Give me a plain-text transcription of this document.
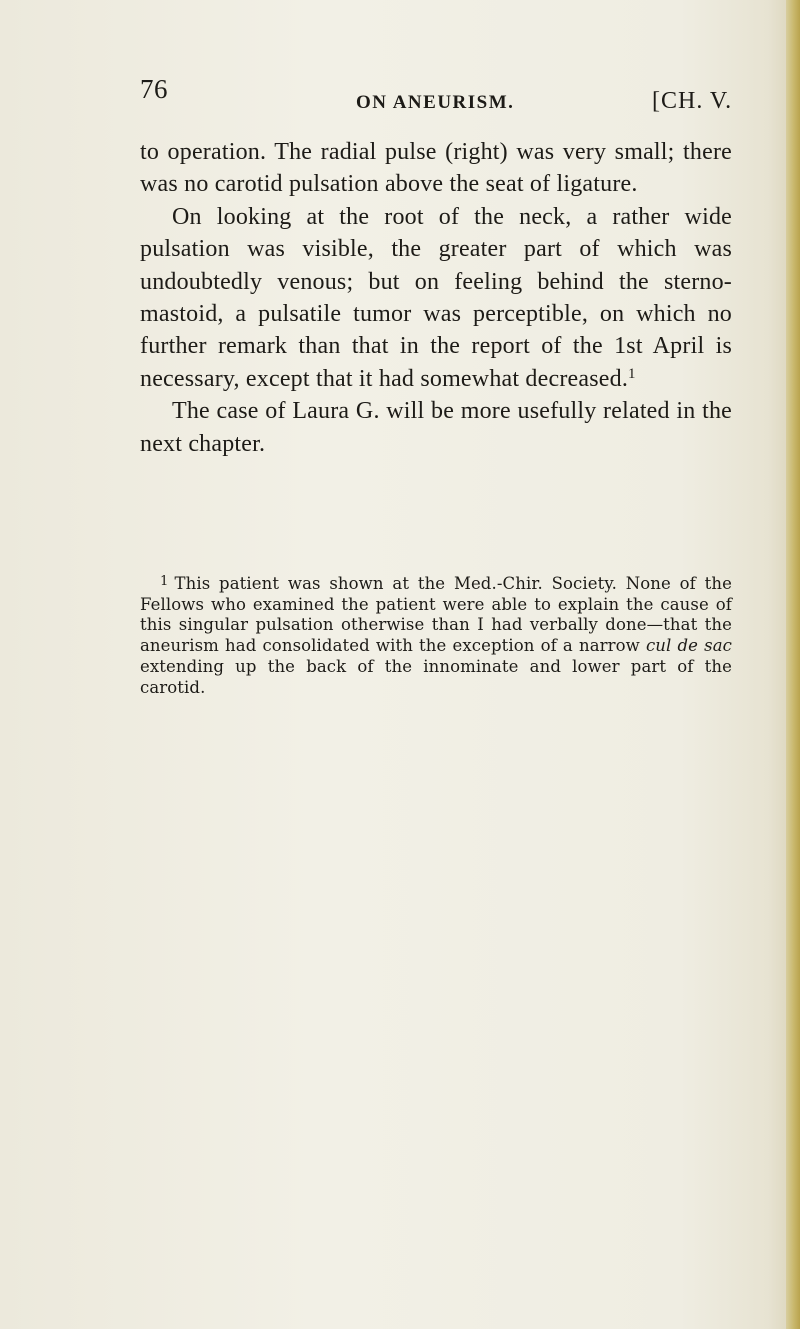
76	ON ANEURISM.	[CH. V.

to operation. The radial pulse (right) was very small; there was no carotid pulsation above the seat of ligature.

On looking at the root of the neck, a rather wide pulsation was visible, the greater part of which was undoubtedly venous; but on feeling behind the sterno-mastoid, a pulsatile tumor was perceptible, on which no further remark than that in the report of the 1st April is necessary, except that it had somewhat decreased.$^1$

The case of Laura G. will be more usefully related in the next chapter.

$^1$ This patient was shown at the Med.-Chir. Society. None of the Fellows who examined the patient were able to explain the cause of this singular pulsation otherwise than I had verbally done—that the aneurism had consolidated with the exception of a narrow cul de sac extending up the back of the innominate and lower part of the carotid.
